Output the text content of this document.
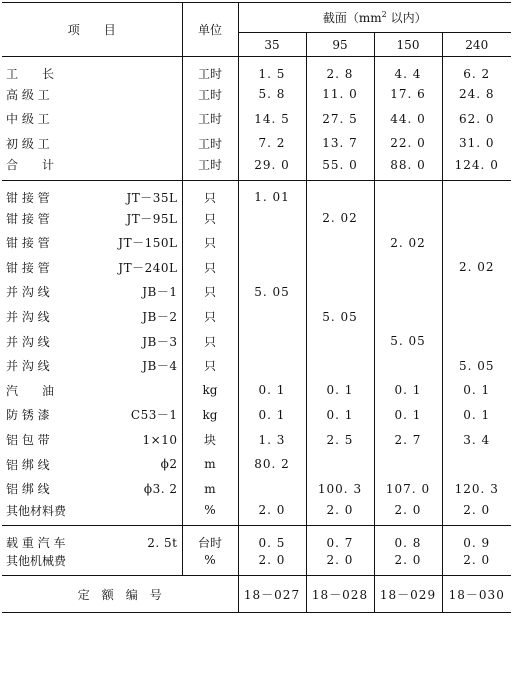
项　　目	单位	截面（$mm^2$ 以内）			
		35	95	150	240

工　　长	工时	1. 5	2. 8	4. 4	6. 2

高 级 工	工时	5. 8	11. 0	17. 6	24. 8

中 级 工	工时	14. 5	27. 5	44. 0	62. 0

初 级 工	工时	7. 2	13. 7	22. 0	31. 0

合　　计	工时	29. 0	55. 0	88. 0	124. 0

钳 接 管 JT－35L	只	1. 01			

钳 接 管 JT－95L	只		2. 02		

钳 接 管 JT－150L	只			2. 02	

钳 接 管 JT－240L	只				2. 02

并 沟 线 JB－1	只	5. 05			

并 沟 线 JB－2	只		5. 05		

并 沟 线 JB－3	只			5. 05	

并 沟 线 JB－4	只				5. 05

汽　　油	kg	0. 1	0. 1	0. 1	0. 1

防 锈 漆 C53－1	kg	0. 1	0. 1	0. 1	0. 1

铝 包 带 1×10	块	1. 3	2. 5	2. 7	3. 4

铝 绑 线 ϕ2	m	80. 2			

铝 绑 线 ϕ3. 2	m		100. 3	107. 0	120. 3

其他材料费	%	2. 0	2. 0	2. 0	2. 0

载 重 汽 车 2. 5t	台时	0. 5	0. 7	0. 8	0. 9

其他机械费	%	2. 0	2. 0	2. 0	2. 0
定　额　编　号		18－027	18－028	18－029	18－030
